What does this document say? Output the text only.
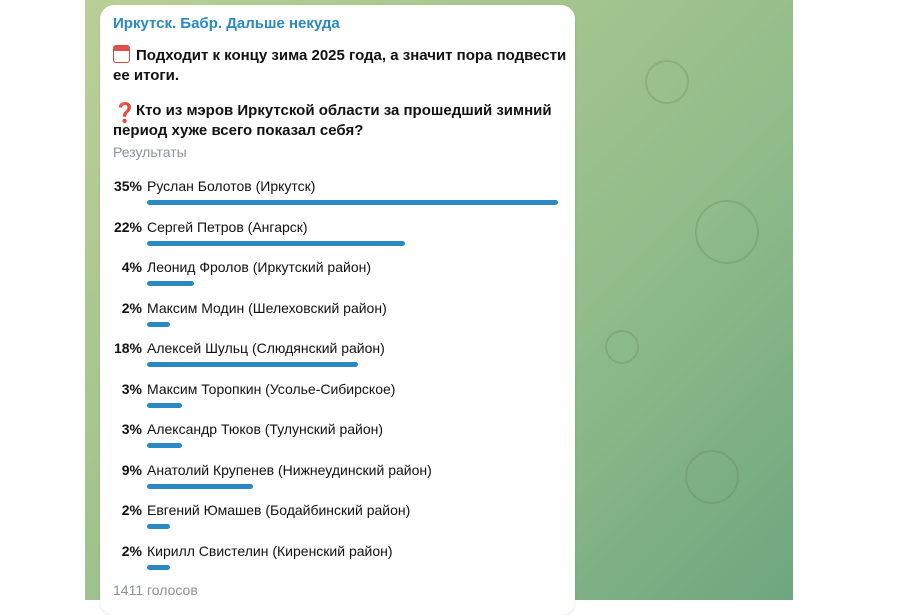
Иркутск. Бабр. Дальше некуда
Подходит к концу зима 2025 года, а значит пора подвести
ее итоги.
❓ Кто из мэров Иркутской области за прошедший зимний
период хуже всего показал себя?
Результаты
35% Руслан Болотов (Иркутск)
22% Сергей Петров (Ангарск)
4% Леонид Фролов (Иркутский район)
2% Максим Модин (Шелеховский район)
18% Алексей Шульц (Слюдянский район)
3% Максим Торопкин (Усолье-Сибирское)
3% Александр Тюков (Тулунский район)
9% Анатолий Крупенев (Нижнеудинский район)
2% Евгений Юмашев (Бодайбинский район)
2% Кирилл Свистелин (Киренский район)
1411 голосов
